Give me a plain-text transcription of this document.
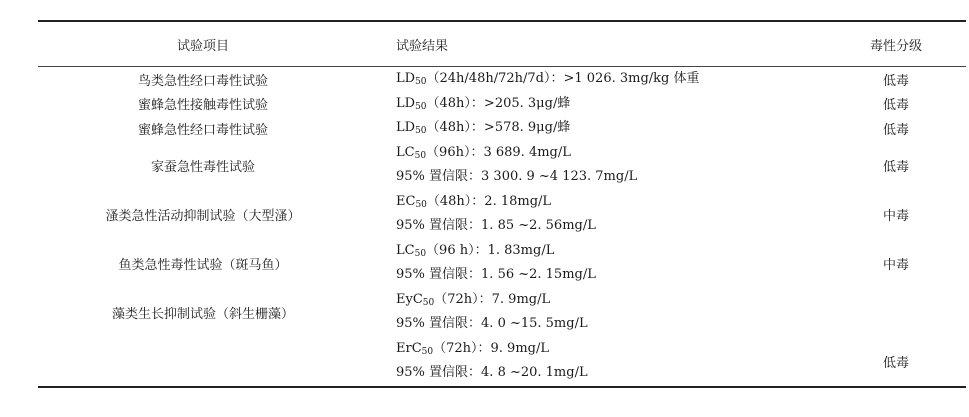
试验项目	试验结果	毒性分级
鸟类急性经口毒性试验	$LD_{50}(24h/48h/72h/7d)$：>1 026. 3mg/kg 体重	低毒
蜜蜂急性接触毒性试验	$LD_{50}(48h)$：>205. 3μg/蜂	低毒
蜜蜂急性经口毒性试验	$LD_{50}(48h)$：>578. 9μg/蜂	低毒
家蚕急性毒性试验	$LC_{50}(96h)$：3 689. 4mg/L	低毒
	95% 置信限：3 300. 9 ~4 123. 7mg/L	
溞类急性活动抑制试验（大型溞）	$EC_{50}(48h)$：2. 18mg/L	中毒
	95% 置信限：1. 85 ~2. 56mg/L	
鱼类急性毒性试验（斑马鱼）	$LC_{50}(96$ h）：1. 83mg/L	中毒
	95% 置信限：1. 56 ~2. 15mg/L	
藻类生长抑制试验（斜生栅藻）	EyC$_{50}$（72h）：7. 9mg/L	
	95% 置信限：4. 0 ~15. 5mg/L	
	ErC$_{50}$（72h）：9. 9mg/L	低毒
	95% 置信限：4. 8 ~20. 1mg/L	
